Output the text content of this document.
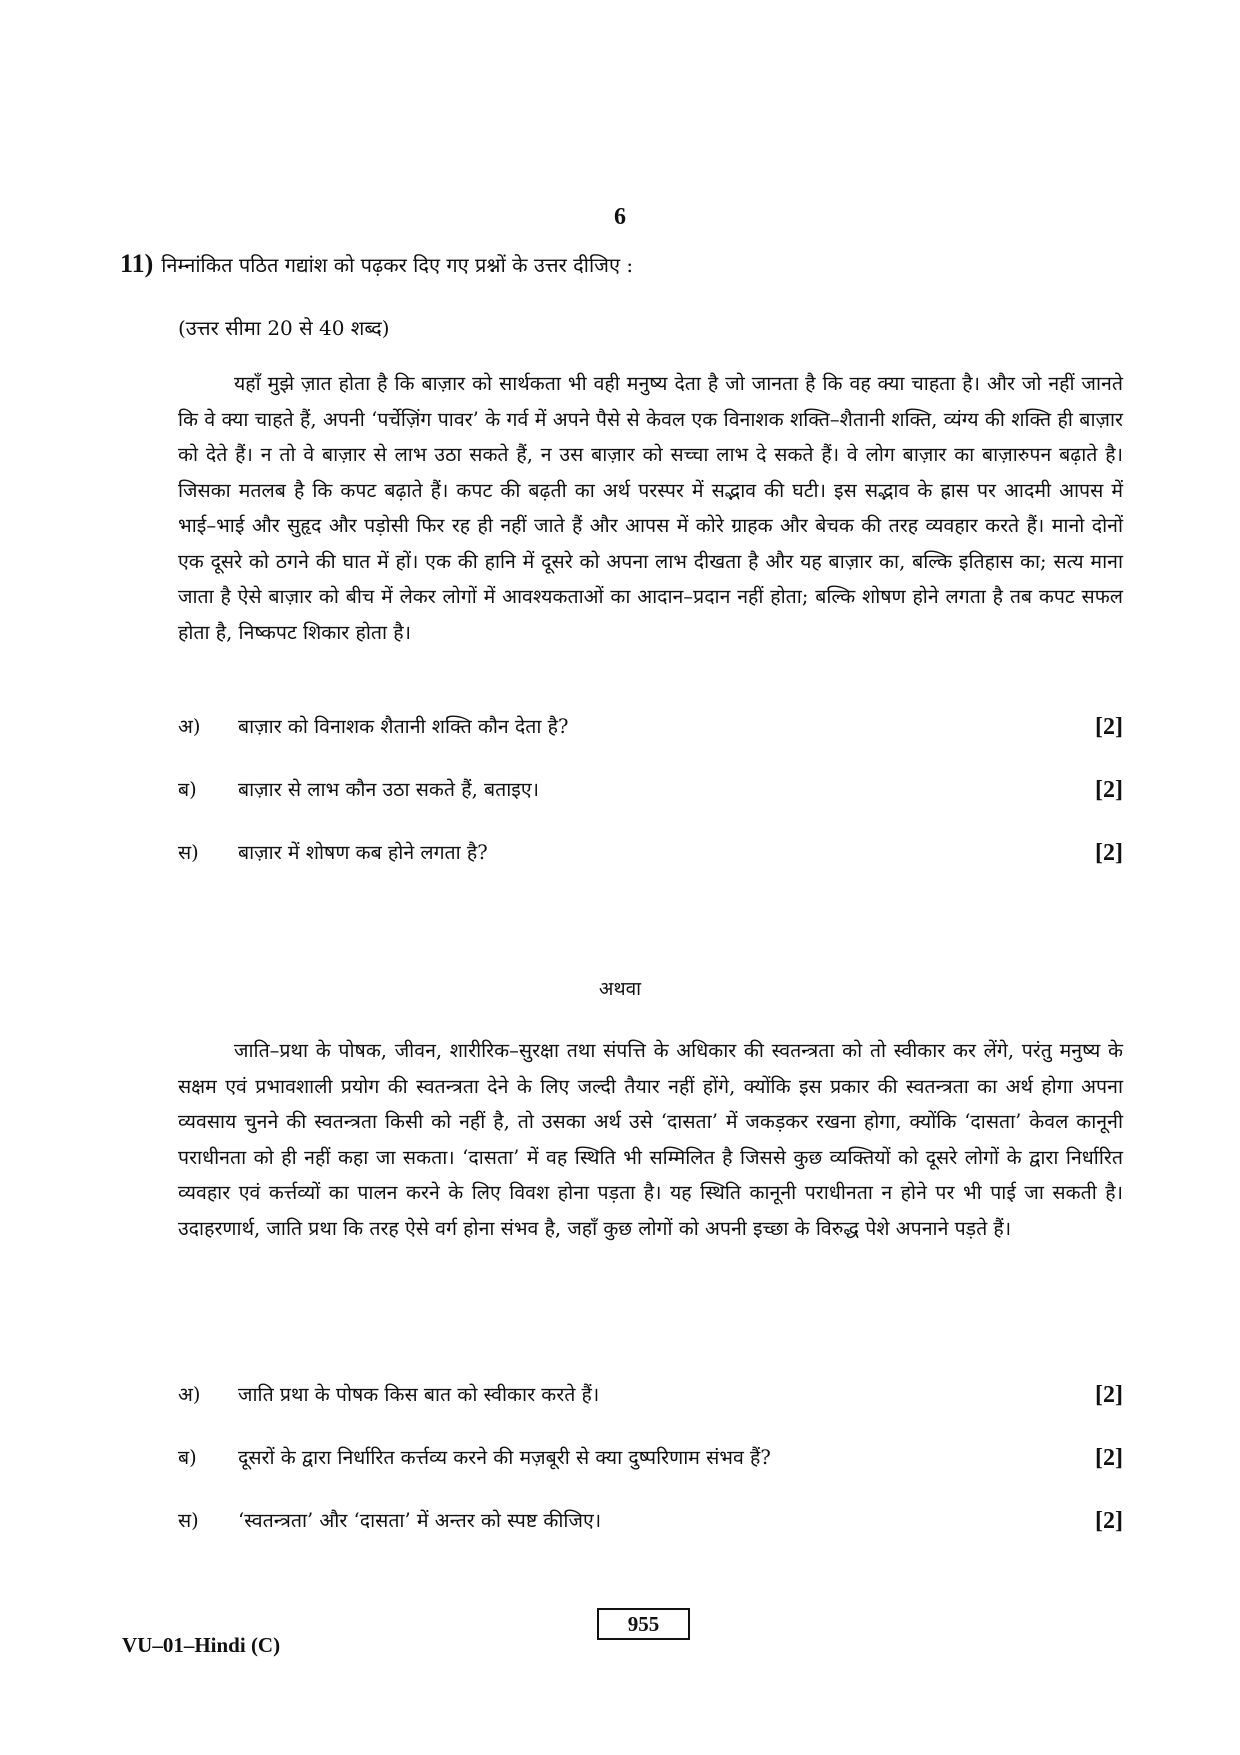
6
11) निम्नांकित पठित गद्यांश को पढ़कर दिए गए प्रश्नों के उत्तर दीजिए :
(उत्तर सीमा 20 से 40 शब्द)

यहाँ मुझे ज़ात होता है कि बाज़ार को सार्थकता भी वही मनुष्य देता है जो जानता है कि वह क्या चाहता है। और जो नहीं जानते कि वे क्या चाहते हैं, अपनी ‘पर्चेज़िंग पावर’ के गर्व में अपने पैसे से केवल एक विनाशक शक्ति–शैतानी शक्ति, व्यंग्य की शक्ति ही बाज़ार को देते हैं। न तो वे बाज़ार से लाभ उठा सकते हैं, न उस बाज़ार को सच्चा लाभ दे सकते हैं। वे लोग बाज़ार का बाज़ारुपन बढ़ाते है। जिसका मतलब है कि कपट बढ़ाते हैं। कपट की बढ़ती का अर्थ परस्पर में सद्भाव की घटी। इस सद्भाव के ह्रास पर आदमी आपस में भाई–भाई और सुहृद और पड़ोसी फिर रह ही नहीं जाते हैं और आपस में कोरे ग्राहक और बेचक की तरह व्यवहार करते हैं। मानो दोनों एक दूसरे को ठगने की घात में हों। एक की हानि में दूसरे को अपना लाभ दीखता है और यह बाज़ार का, बल्कि इतिहास का; सत्य माना जाता है ऐसे बाज़ार को बीच में लेकर लोगों में आवश्यकताओं का आदान–प्रदान नहीं होता; बल्कि शोषण होने लगता है तब कपट सफल होता है, निष्कपट शिकार होता है।

अ) बाज़ार को विनाशक शैतानी शक्ति कौन देता है?	[2]
ब) बाज़ार से लाभ कौन उठा सकते हैं, बताइए।	[2]
स) बाज़ार में शोषण कब होने लगता है?	[2]
अथवा

जाति–प्रथा के पोषक, जीवन, शारीरिक–सुरक्षा तथा संपत्ति के अधिकार की स्वतन्त्रता को तो स्वीकार कर लेंगे, परंतु मनुष्य के सक्षम एवं प्रभावशाली प्रयोग की स्वतन्त्रता देने के लिए जल्दी तैयार नहीं होंगे, क्योंकि इस प्रकार की स्वतन्त्रता का अर्थ होगा अपना व्यवसाय चुनने की स्वतन्त्रता किसी को नहीं है, तो उसका अर्थ उसे ‘दासता’ में जकड़कर रखना होगा, क्योंकि ‘दासता’ केवल कानूनी पराधीनता को ही नहीं कहा जा सकता। ‘दासता’ में वह स्थिति भी सम्मिलित है जिससे कुछ व्यक्तियों को दूसरे लोगों के द्वारा निर्धारित व्यवहार एवं कर्त्तव्यों का पालन करने के लिए विवश होना पड़ता है। यह स्थिति कानूनी पराधीनता न होने पर भी पाई जा सकती है। उदाहरणार्थ, जाति प्रथा कि तरह ऐसे वर्ग होना संभव है, जहाँ कुछ लोगों को अपनी इच्छा के विरुद्ध पेशे अपनाने पड़ते हैं।

अ) जाति प्रथा के पोषक किस बात को स्वीकार करते हैं।	[2]
ब) दूसरों के द्वारा निर्धारित कर्त्तव्य करने की मज़बूरी से क्या दुष्परिणाम संभव हैं?	[2]
स) ‘स्वतन्त्रता’ और ‘दासता’ में अन्तर को स्पष्ट कीजिए।	[2]
VU–01–Hindi (C)
955
